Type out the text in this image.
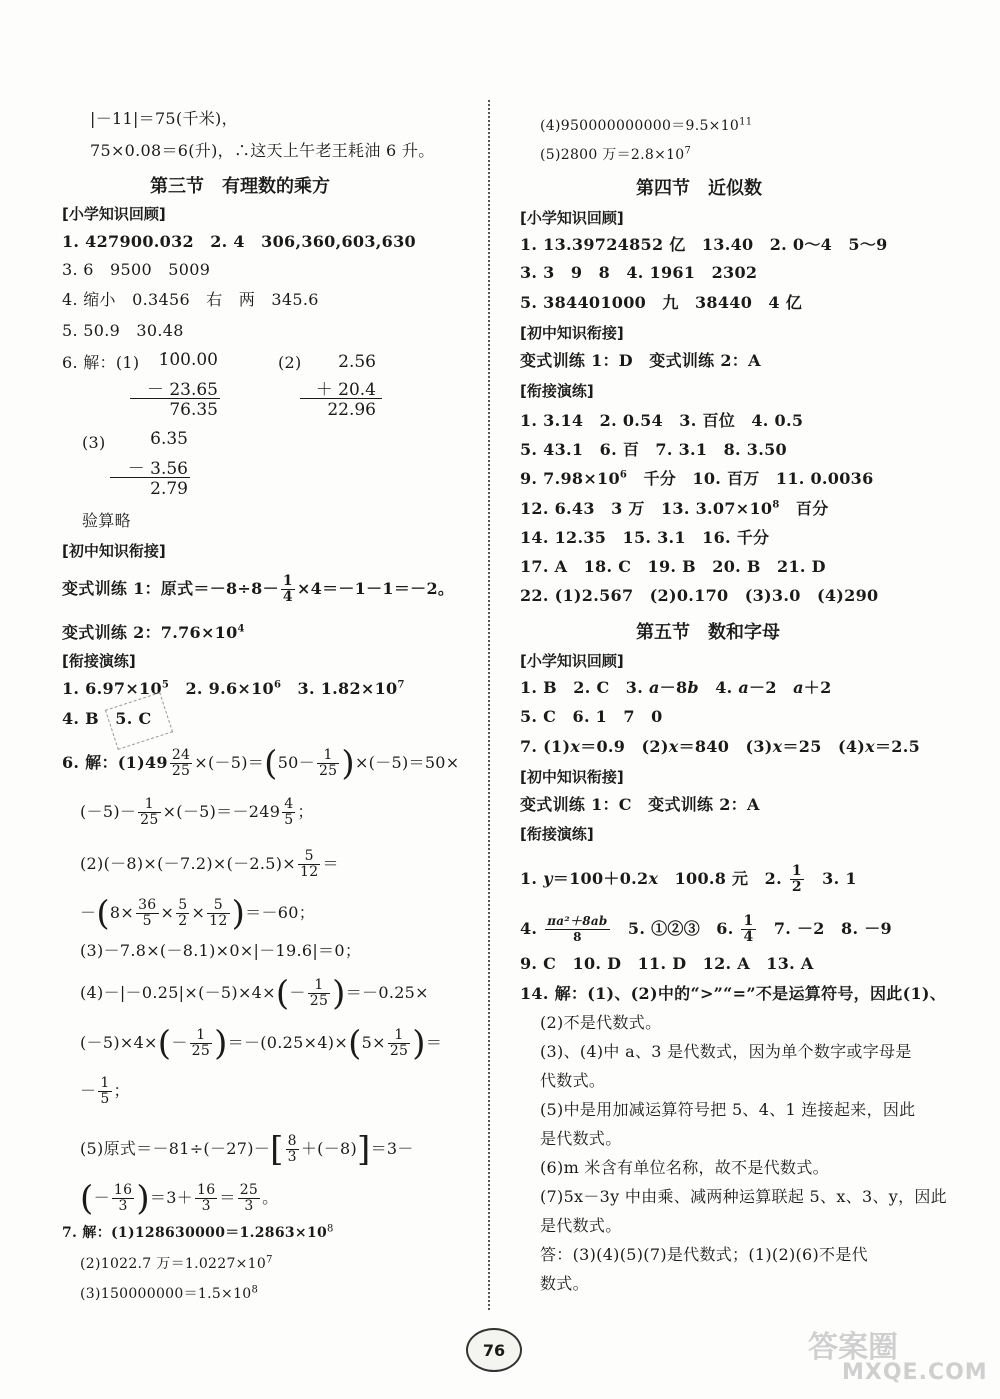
|－11|＝75(千米)，
75×0.08＝6(升)，∴这天上午老王耗油 6 升。
第三节　有理数的乘方
[小学知识回顾]
1. 427900.032　2. 4　306,360,603,630
3. 6　9500　5009
4. 缩小　0.3456　右　两　345.6
5. 50.9　30.48
6. 解：(1)	1̇0̇0.00
－ 23.65
76.35
(2)	2.56
＋ 20.4
22.96
(3)	6̇.35
－ 3.56
2.79
验算略
[初中知识衔接]
变式训练 1：原式$=-8\div 8- \frac{1}{4} \times 4=-1-1=-2$。
变式训练 2：$7.76\times 10^4$
[衔接演练]
1. $6.97\times 10^5$　2. $9.6\times 10^6$　3. $1.82\times 10^7$
4. B　5. C
6. 解：$(1)49 \frac{24}{25} \times(-5)=(50- \frac{1}{25} )\times(-5)=50\times$
$(-5)- \frac{1}{25} \times(-5)=-249 \frac{4}{5}$ ；
$(2)(-8)\times(-7.2)\times(-2.5)\times \frac{5}{12}$ ＝
$-(8\times \frac{36}{5} \times \frac{5}{2} \times \frac{5}{12} )=-60$；
(3)－7.8×(－8.1)×0×|－19.6|＝0；
$(4)-|-0.25|\times(-5)\times 4\times(- \frac{1}{25} )=-0.25\times$
$(-5)\times 4\times(- \frac{1}{25} )=-(0.25\times 4)\times(5\times \frac{1}{25}$ )＝
－ $\frac{1}{5}$ ；
(5)原式$=-81\div(-27)-[ \frac{8}{3} +(-8)]=3-$
(－ $\frac{16}{3} )=3+ \frac{16}{3} = \frac{25}{3}$ 。
7. 解：$(1)128630000=1.2863\times 10^8$
(2)1022.7 万$=1.0227\times 10^7$
$(3)150000000=1.5\times 10^8$
$(4)950000000000=9.5\times 10^{11}$
(5)2800 万$=2.8\times 10^7$
第四节　近似数
[小学知识回顾]
1. 13.39724852 亿　13.40　2. 0～4　5～9
3. 3　9　8　4. 1961　2302
5. 384401000　九　38440　4 亿
[初中知识衔接]
变式训练 1：D　变式训练 2：A
[衔接演练]
1. 3.14　2. 0.54　3. 百位　4. 0.5
5. 43.1　6. 百　7. 3.1　8. 3.50
9. $7.98\times 10^6$　千分　10. 百万　11. 0.0036
12. 6.43　3 万　13. $3.07\times 10^8$　百分
14. 12.35　15. 3.1　16. 千分
17. A　18. C　19. B　20. B　21. D
22. (1)2.567　(2)0.170　(3)3.0　(4)290
第五节　数和字母
[小学知识回顾]
1. B　2. C　3. a－8b　4. a－2　a＋2
5. C　6. 1　7　0
7. (1)x＝0.9　(2)x＝840　(3)x＝25　(4)x＝2.5
[初中知识衔接]
变式训练 1：C　变式训练 2：A
[衔接演练]
1. y＝100＋0.2x　100.8 元　2. $\frac{1}{2}$ 　3. 1
4. $\frac{\text{πa²＋8ab}}{8}$ 　5. ①②③　6. $\frac{1}{4}$ 　7. －2　8. －9
9. C　10. D　11. D　12. A　13. A
14. 解：(1)、(2)中的“>”“=”不是运算符号，因此(1)、
(2)不是代数式。
(3)、(4)中 a、3 是代数式，因为单个数字或字母是
代数式。
(5)中是用加减运算符号把 5、4、1 连接起来，因此
是代数式。
(6)m 米含有单位名称，故不是代数式。
(7)5x－3y 中由乘、减两种运算联起 5、x、3、y，因此
是代数式。
答：(3)(4)(5)(7)是代数式；(1)(2)(6)不是代
数式。
76	答案圈
MXQE.COM
